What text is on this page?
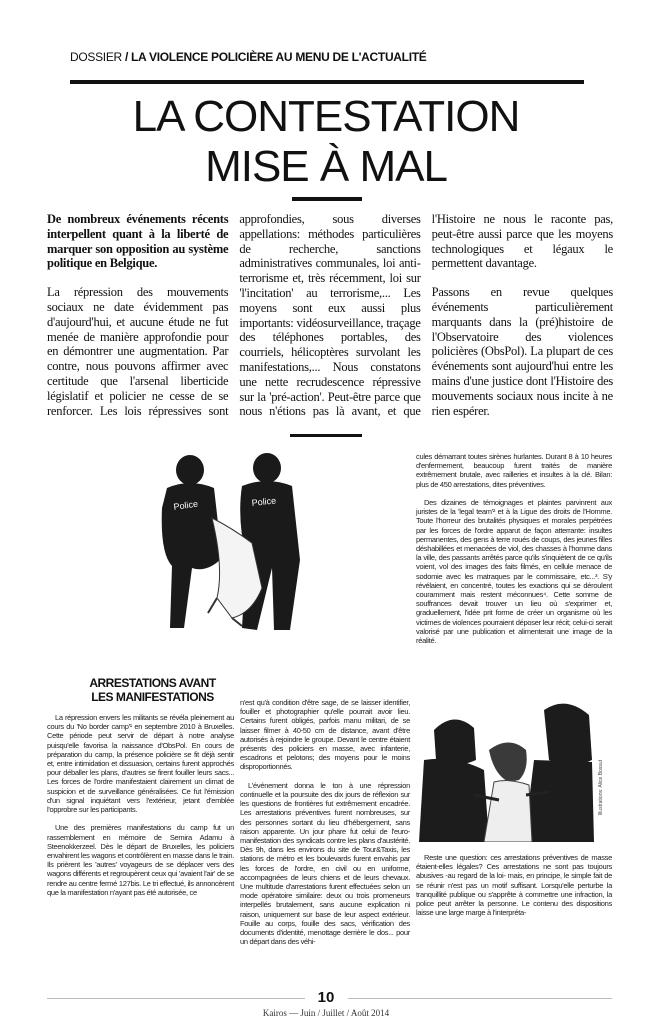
DOSSIER / LA VIOLENCE POLICIÈRE AU MENU DE L'ACTUALITÉ
LA CONTESTATION
MISE À MAL

De nombreux événements récents interpellent quant à la liberté de marquer son opposition au système politique en Belgique.

La répression des mouvements sociaux ne date évidemment pas d'aujourd'hui, et aucune étude ne fut menée de manière approfondie pour en démontrer une augmentation. Par contre, nous pouvons affirmer avec certitude que l'arsenal liberticide législatif et policier ne cesse de se renforcer. Les lois répressives sont approfondies, sous diverses appellations: méthodes particulières de recherche, sanctions administratives communales, loi anti-terrorisme et, très récemment, loi sur 'l'incitation' au terrorisme,... Les moyens sont eux aussi plus importants: vidéosurveillance, traçage des téléphones portables, des courriels, hélicoptères survolant les manifestations,... Nous constatons une nette recrudescence répressive sur la 'pré-action'. Peut-être parce que nous n'étions pas là avant, et que l'Histoire ne nous le raconte pas, peut-être aussi parce que les moyens technologiques et légaux le permettent davantage.

Passons en revue quelques événements particulièrement marquants dans la (pré)histoire de l'Observatoire des violences policières (ObsPol). La plupart de ces événements sont aujourd'hui entre les mains d'une justice dont l'Histoire des mouvements sociaux nous incite à ne rien espérer.

Police	Police
ARRESTATIONS AVANT
LES MANIFESTATIONS

La répression envers les militants se révéla pleinement au cours du 'No border camp'¹ en septembre 2010 à Bruxelles. Cette période peut servir de départ à notre analyse puisqu'elle favorisa la naissance d'ObsPol. En cours de préparation du camp, la présence policière se fit déjà sentir et, entre intimidation et dissuasion, certains furent approchés pour déballer les plans, d'autres se firent fouiller leurs sacs... Les forces de l'ordre manifestaient clairement un climat de suspicion et de surveillance généralisées. Ce fut l'émission d'un signal inquiétant vers l'extérieur, jetant d'emblée l'opprobre sur les participants.

Une des premières manifestations du camp fut un rassemblement en mémoire de Semira Adamu à Steenokkerzeel. Dès le départ de Bruxelles, les policiers envahirent les wagons et contrôlèrent en masse dans le train. Ils prièrent les 'autres' voyageurs de se déplacer vers des wagons différents et regroupèrent ceux qui 'avaient l'air' de se rendre au centre fermé 127bis. Le tri effectué, ils annoncèrent que la manifestation n'ayant pas été autorisée, ce

n'est qu'à condition d'être sage, de se laisser identifier, fouiller et photographier qu'elle pourrait avoir lieu. Certains furent obligés, parfois manu militari, de se laisser filmer à 40-50 cm de distance, avant d'être autorisés à rejoindre le groupe. Devant le centre étaient présents des policiers en masse, avec infanterie, escadrons et pelotons; des moyens pour le moins disproportionnés.

L'événement donna le ton à une répression continuelle et la poursuite des dix jours de réflexion sur les questions de frontières fut extrêmement encadrée. Les arrestations préventives furent nombreuses, sur des personnes sortant du lieu d'hébergement, sans raison apparente. Un jour phare fut celui de l'euro-manifestation des syndicats contre les plans d'austérité. Dès 9h, dans les environs du site de Tour&Taxis, les stations de métro et les boulevards furent envahis par les forces de l'ordre, en civil ou en uniforme, accompagnées de leurs chiens et de leurs chevaux. Une multitude d'arrestations furent effectuées selon un mode opératoire similaire: deux ou trois promeneurs interpellés brutalement, sans aucune explication ni raison, uniquement sur base de leur aspect extérieur. Fouille au corps, fouille des sacs, vérification des documents d'identité, menottage derrière le dos... pour un départ dans des véhi-

cules démarrant toutes sirènes hurlantes. Durant 8 à 10 heures d'enfermement, beaucoup furent traités de manière extrêmement brutale, avec railleries et insultes à la clé. Bilan: plus de 450 arrestations, dites préventives.

Des dizaines de témoignages et plaintes parvinrent aux juristes de la 'legal team'² et à la Ligue des droits de l'Homme. Toute l'horreur des brutalités physiques et morales perpétrées par les forces de l'ordre apparut de façon atterrante: insultes permanentes, des gens à terre roués de coups, des jeunes filles déshabillées et menacées de viol, des chasses à l'homme dans la ville, des passants arrêtés parce qu'ils s'inquiètent de ce qu'ils voient, vol des images des faits filmés, en cellule menace de sodomie avec les matraques par le commissaire, etc...³. S'y révélaient, en concentré, toutes les exactions qui se déroulent couramment mais restent méconnues⁴. Cette somme de souffrances devait trouver un lieu où s'exprimer et, graduellement, l'idée prit forme de créer un organisme où les victimes de violences pourraient déposer leur récit; celui-ci serait valorisé par une publication et alimenterait une image de la réalité.

Illustrations: Alice Bossut

Reste une question: ces arrestations préventives de masse étaient-elles légales? Ces arrestations ne sont pas toujours abusives -au regard de la loi- mais, en principe, le simple fait de se réunir n'est pas un motif suffisant. Lorsqu'elle perturbe la tranquillité publique ou s'apprête à commettre une infraction, la police peut arrêter la personne. Le contenu des dispositions laisse une large marge à l'interpréta-

10
Kairos — Juin / Juillet / Août 2014
